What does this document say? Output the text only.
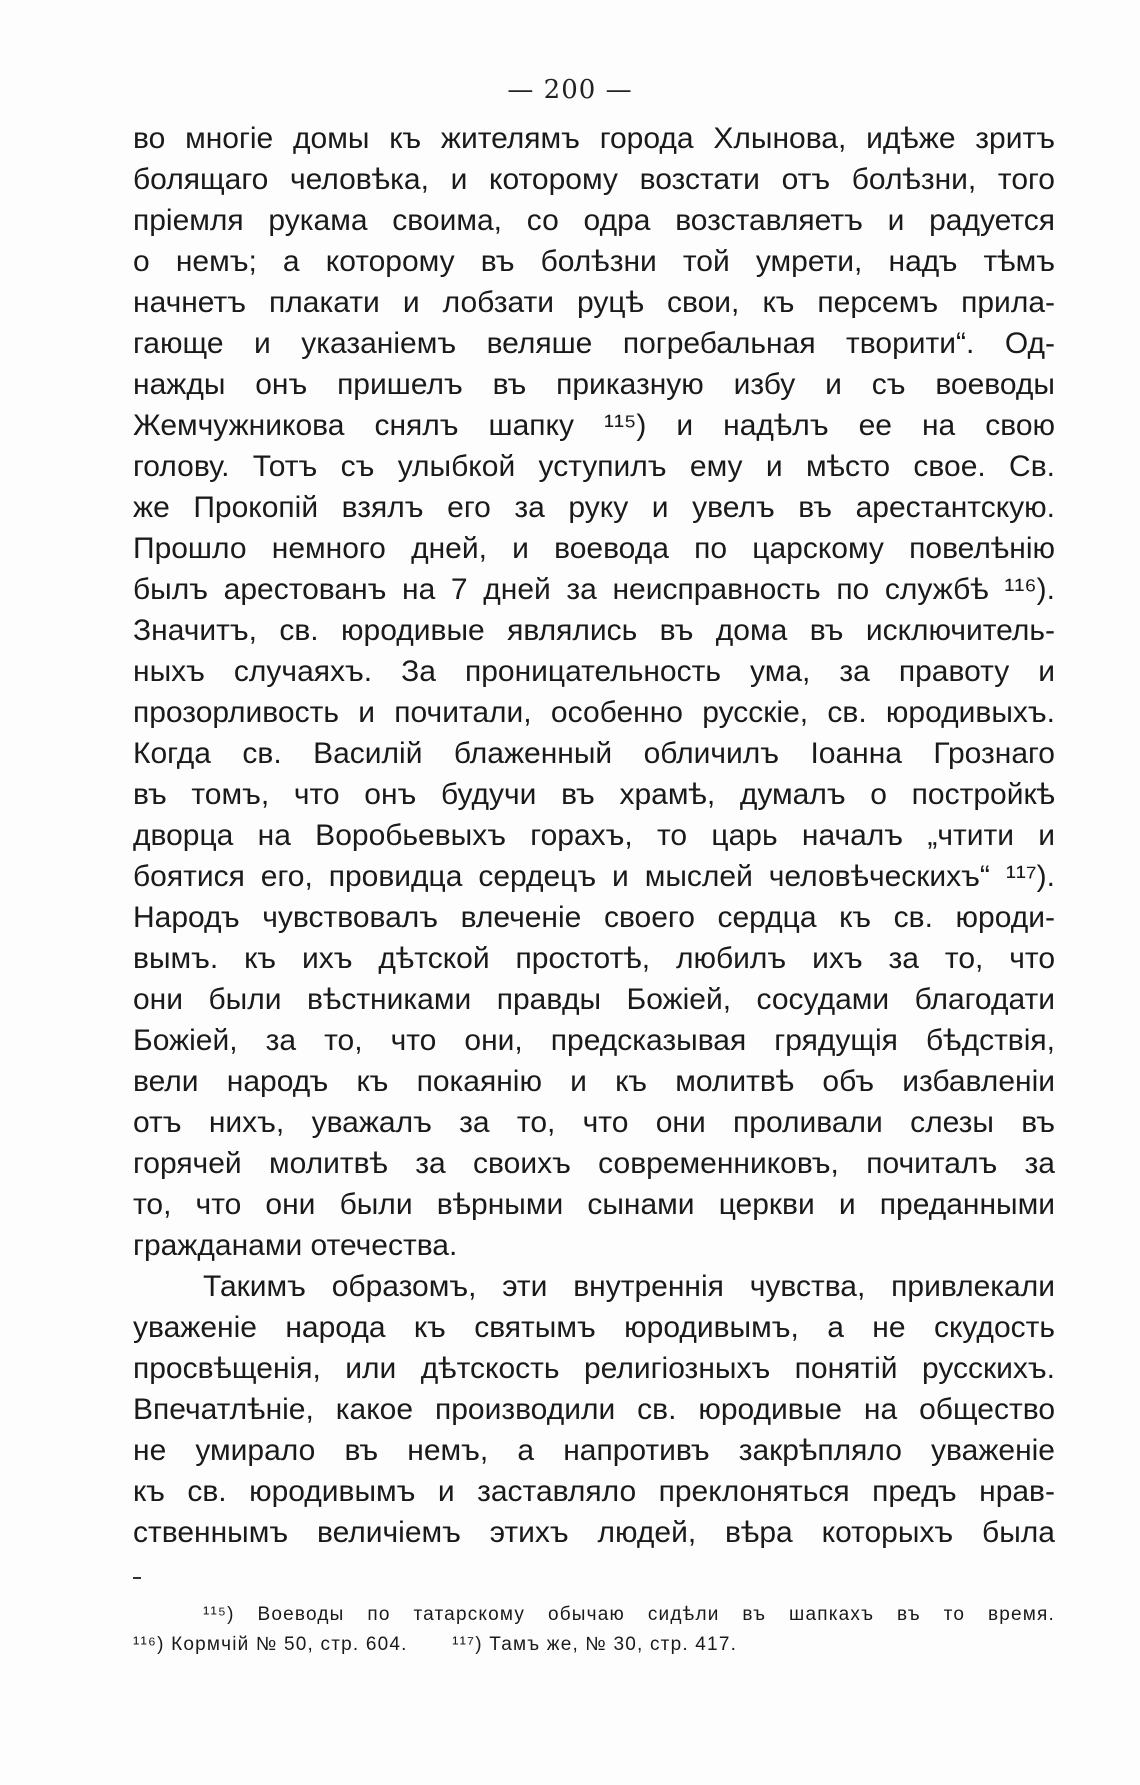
— 200 —
во многіе домы къ жителямъ города Хлынова, идѣже зритъ
болящаго человѣка, и которому возстати отъ болѣзни, того
пріемля рукама своима, со одра возставляетъ и радуется
о немъ; а которому въ болѣзни той умрети, надъ тѣмъ
начнетъ плакати и лобзати руцѣ свои, къ персемъ прила-
гающе и указаніемъ веляше погребальная творити“. Од-
нажды онъ пришелъ въ приказную избу и съ воеводы
Жемчужникова снялъ шапку ¹¹⁵) и надѣлъ ее на свою
голову. Тотъ съ улыбкой уступилъ ему и мѣсто свое. Св.
же Прокопій взялъ его за руку и увелъ въ арестантскую.
Прошло немного дней, и воевода по царскому повелѣнію
былъ арестованъ на 7 дней за неисправность по службѣ ¹¹⁶).
Значитъ, св. юродивые являлись въ дома въ исключитель-
ныхъ случаяхъ. За проницательность ума, за правоту и
прозорливость и почитали, особенно русскіе, св. юродивыхъ.
Когда св. Василій блаженный обличилъ Іоанна Грознаго
въ томъ, что онъ будучи въ храмѣ, думалъ о постройкѣ
дворца на Воробьевыхъ горахъ, то царь началъ „чтити и
боятися его, провидца сердецъ и мыслей человѣческихъ“ ¹¹⁷).
Народъ чувствовалъ влеченіе своего сердца къ св. юроди-
вымъ. къ ихъ дѣтской простотѣ, любилъ ихъ за то, что
они были вѣстниками правды Божіей, сосудами благодати
Божіей, за то, что они, предсказывая грядущія бѣдствія,
вели народъ къ покаянію и къ молитвѣ объ избавленіи
отъ нихъ, уважалъ за то, что они проливали слезы въ
горячей молитвѣ за своихъ современниковъ, почиталъ за
то, что они были вѣрными сынами церкви и преданными
гражданами отечества.
Такимъ образомъ, эти внутреннія чувства, привлекали
уваженіе народа къ святымъ юродивымъ, а не скудость
просвѣщенія, или дѣтскость религіозныхъ понятій русскихъ.
Впечатлѣніе, какое производили св. юродивые на общество
не умирало въ немъ, а напротивъ закрѣпляло уваженіе
къ св. юродивымъ и заставляло преклоняться предъ нрав-
ственнымъ величіемъ этихъ людей, вѣра которыхъ была
¹¹⁵) Воеводы по татарскому обычаю сидѣли въ шапкахъ въ то время.
¹¹⁶) Кормчій № 50, стр. 604. ¹¹⁷) Тамъ же, № 30, стр. 417.
